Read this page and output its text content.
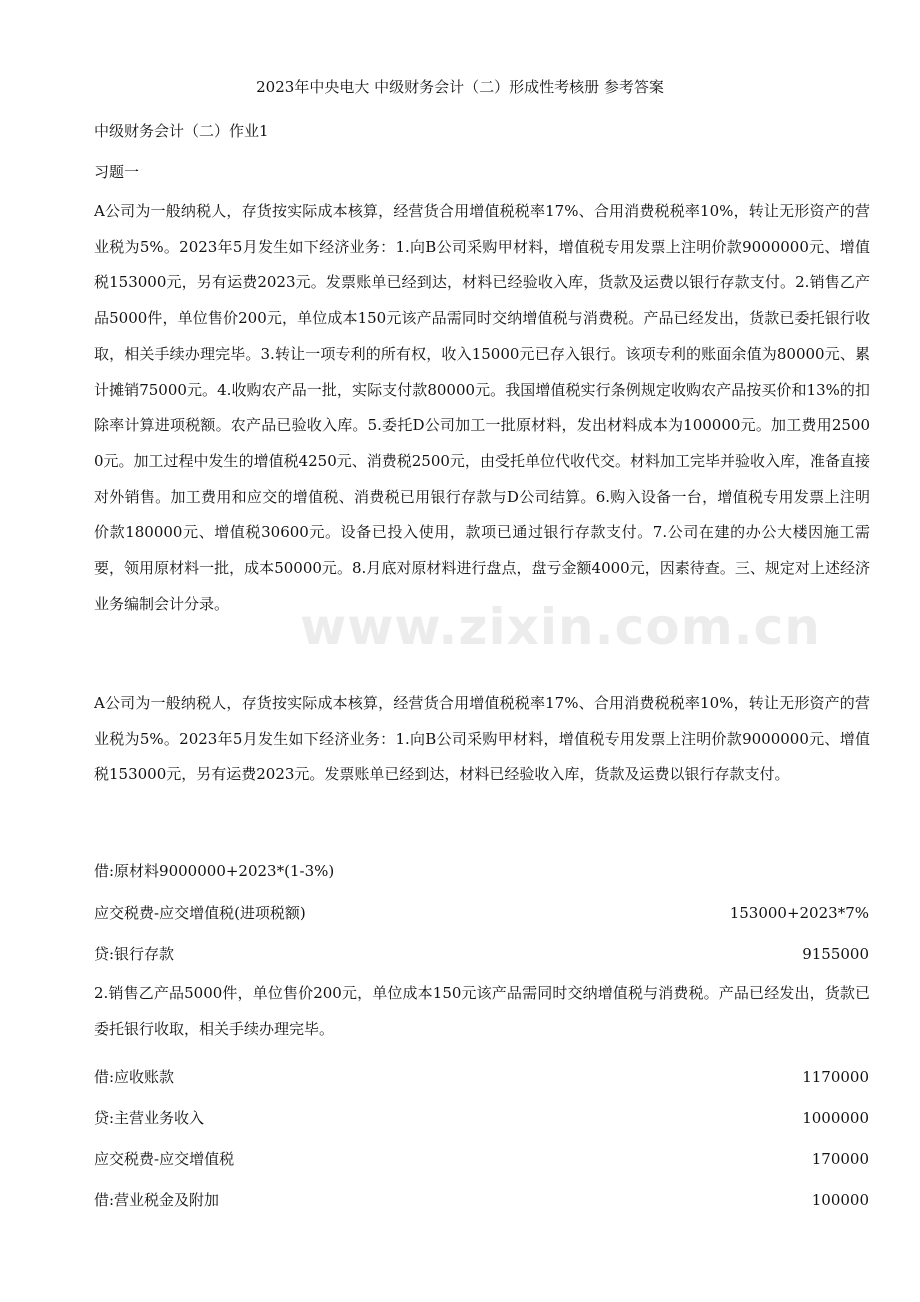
www.zixin.com.cn
2023年中央电大 中级财务会计（二）形成性考核册 参考答案
中级财务会计（二）作业1
习题一
A公司为一般纳税人，存货按实际成本核算，经营货合用增值税税率17%、合用消费税税率10%，转让无形资产的营业税为5%。2023年5月发生如下经济业务：1.向B公司采购甲材料，增值税专用发票上注明价款9000000元、增值税153000元，另有运费2023元。发票账单已经到达，材料已经验收入库，货款及运费以银行存款支付。2.销售乙产品5000件，单位售价200元，单位成本150元该产品需同时交纳增值税与消费税。产品已经发出，货款已委托银行收取，相关手续办理完毕。3.转让一项专利的所有权，收入15000元已存入银行。该项专利的账面余值为80000元、累计摊销75000元。4.收购农产品一批，实际支付款80000元。我国增值税实行条例规定收购农产品按买价和13%的扣除率计算进项税额。农产品已验收入库。5.委托D公司加工一批原材料，发出材料成本为100000元。加工费用25000元。加工过程中发生的增值税4250元、消费税2500元，由受托单位代收代交。材料加工完毕并验收入库，准备直接对外销售。加工费用和应交的增值税、消费税已用银行存款与D公司结算。6.购入设备一台，增值税专用发票上注明价款180000元、增值税30600元。设备已投入使用，款项已通过银行存款支付。7.公司在建的办公大楼因施工需要，领用原材料一批，成本50000元。8.月底对原材料进行盘点，盘亏金额4000元，因素待查。三、规定对上述经济业务编制会计分录。
A公司为一般纳税人，存货按实际成本核算，经营货合用增值税税率17%、合用消费税税率10%，转让无形资产的营业税为5%。2023年5月发生如下经济业务：1.向B公司采购甲材料，增值税专用发票上注明价款9000000元、增值税153000元，另有运费2023元。发票账单已经到达，材料已经验收入库，货款及运费以银行存款支付。
借:原材料9000000+2023*(1-3%)
应交税费-应交增值税(进项税额)	153000+2023*7%
贷:银行存款	9155000
2.销售乙产品5000件，单位售价200元，单位成本150元该产品需同时交纳增值税与消费税。产品已经发出，货款已委托银行收取，相关手续办理完毕。
借:应收账款	1170000
贷:主营业务收入	1000000
应交税费-应交增值税	170000
借:营业税金及附加	100000
